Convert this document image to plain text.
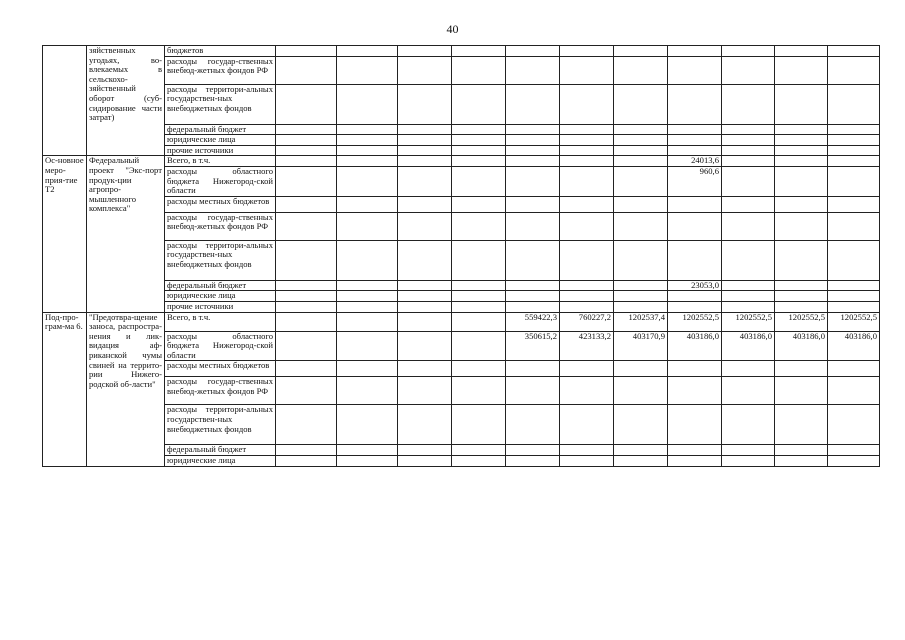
40
	зяйственных угодьях, во-влекаемых в сельскохо-зяйственный оборот (суб-сидирование части затрат)	бюджетов											
		расходы государ-ственных внебюд-жетных фондов РФ											
		расходы территори-альных государствен-ных внебюджетных фондов											
		федеральный бюджет											
		юридические лица											
		прочие источники											
Ос-новное меро-прия-тие Т2	Федеральный проект "Экс-порт продук-ции агропро-мышленного комплекса"	Всего, в т.ч.								24013,6			
		расходы областного бюджета Нижегород-ской области								960,6			
		расходы местных бюджетов											
		расходы государ-ственных внебюд-жетных фондов РФ											
		расходы территори-альных государствен-ных внебюджетных фондов											
		федеральный бюджет								23053,0			
		юридические лица											
		прочие источники											
Под-про-грам-ма 6.	"Предотвра-щение заноса, распростра-нения и лик-видация аф-риканской чумы свиней на террито-рии Нижего-родской об-ласти"	Всего, в т.ч.					559422,3	760227,2	1202537,4	1202552,5	1202552,5	1202552,5	1202552,5
		расходы областного бюджета Нижегород-ской области					350615,2	423133,2	403170,9	403186,0	403186,0	403186,0	403186,0
		расходы местных бюджетов											
		расходы государ-ственных внебюд-жетных фондов РФ											
		расходы территори-альных государствен-ных внебюджетных фондов											
		федеральный бюджет											
		юридические лица											
